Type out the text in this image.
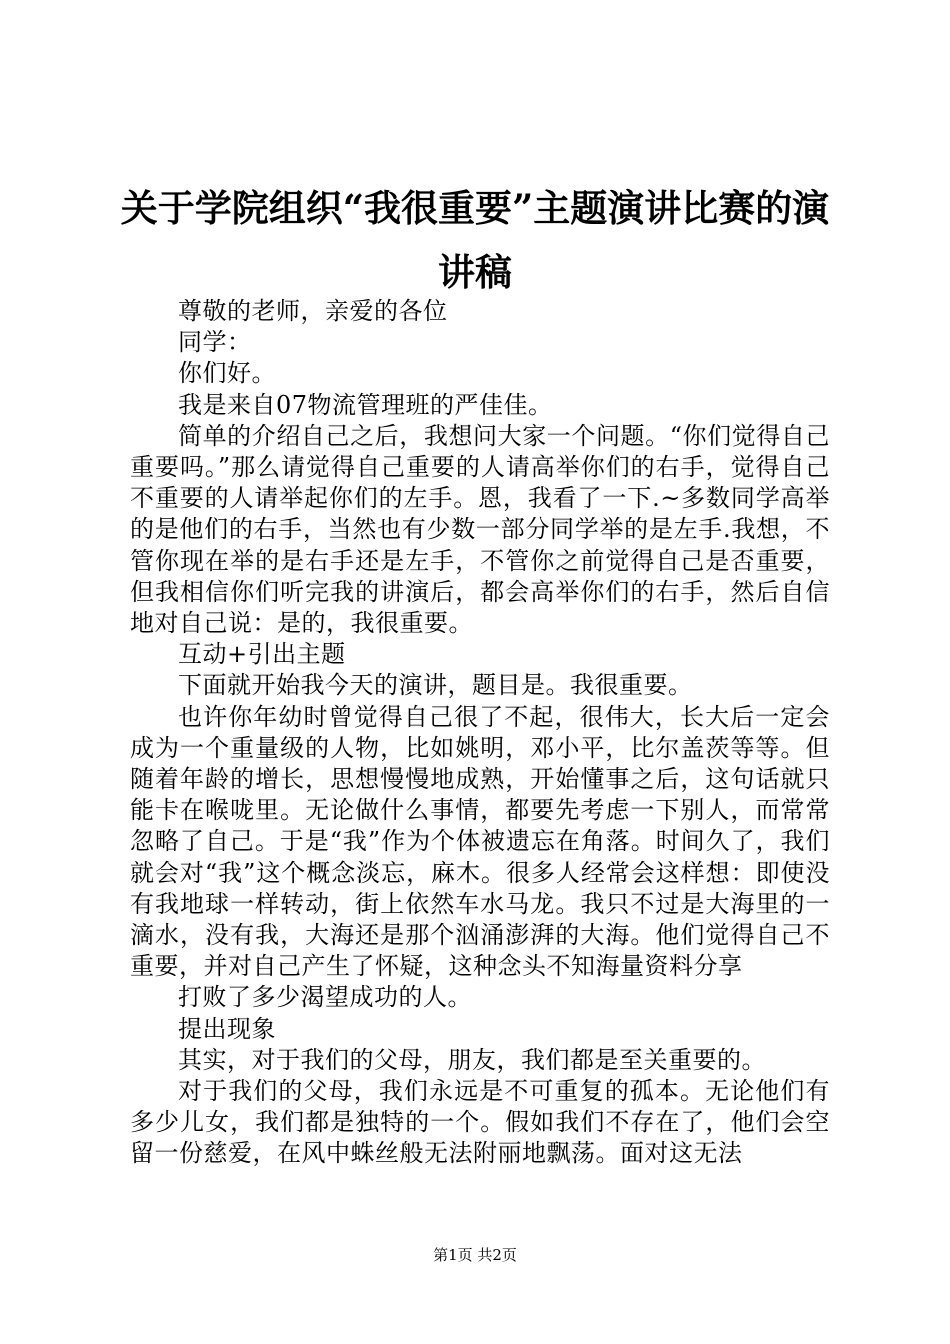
关于学院组织“我很重要”主题演讲比赛的演
讲稿

尊敬的老师，亲爱的各位

同学：

你们好。

我是来自07物流管理班的严佳佳。

简单的介绍自己之后，我想问大家一个问题。“你们觉得自己重要吗。”那么请觉得自己重要的人请高举你们的右手，觉得自己不重要的人请举起你们的左手。恩，我看了一下.~多数同学高举的是他们的右手，当然也有少数一部分同学举的是左手.我想，不管你现在举的是右手还是左手，不管你之前觉得自己是否重要，但我相信你们听完我的讲演后，都会高举你们的右手，然后自信地对自己说：是的，我很重要。

互动+引出主题

下面就开始我今天的演讲，题目是。我很重要。

也许你年幼时曾觉得自己很了不起，很伟大，长大后一定会成为一个重量级的人物，比如姚明，邓小平，比尔盖茨等等。但随着年龄的增长，思想慢慢地成熟，开始懂事之后，这句话就只能卡在喉咙里。无论做什么事情，都要先考虑一下别人，而常常忽略了自己。于是“我”作为个体被遗忘在角落。时间久了，我们就会对“我”这个概念淡忘，麻木。很多人经常会这样想：即使没有我地球一样转动，街上依然车水马龙。我只不过是大海里的一滴水，没有我，大海还是那个汹涌澎湃的大海。他们觉得自己不重要，并对自己产生了怀疑，这种念头不知海量资料分享

打败了多少渴望成功的人。

提出现象

其实，对于我们的父母，朋友，我们都是至关重要的。

对于我们的父母，我们永远是不可重复的孤本。无论他们有多少儿女，我们都是独特的一个。假如我们不存在了，他们会空留一份慈爱，在风中蛛丝般无法附丽地飘荡。面对这无法

第1页 共2页
